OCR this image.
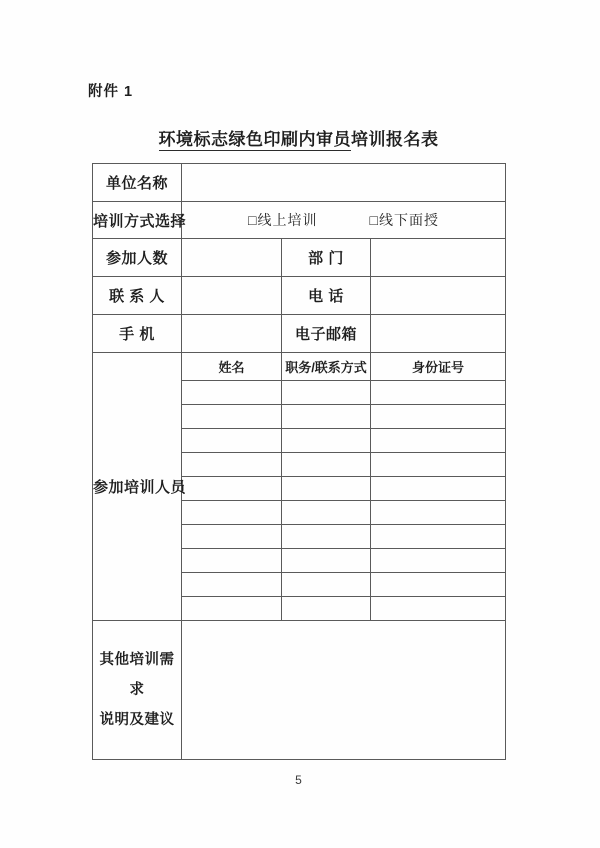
附件 1
环境标志绿色印刷内审员培训报名表
单位名称			
培训方式选择	□线上培训 □线下面授		

参加人数		部 门	
联 系 人		电 话	
手 机		电子邮箱	
参加培训人员	姓名	职务/联系方式	身份证号

其他培训需求
说明及建议			

5
